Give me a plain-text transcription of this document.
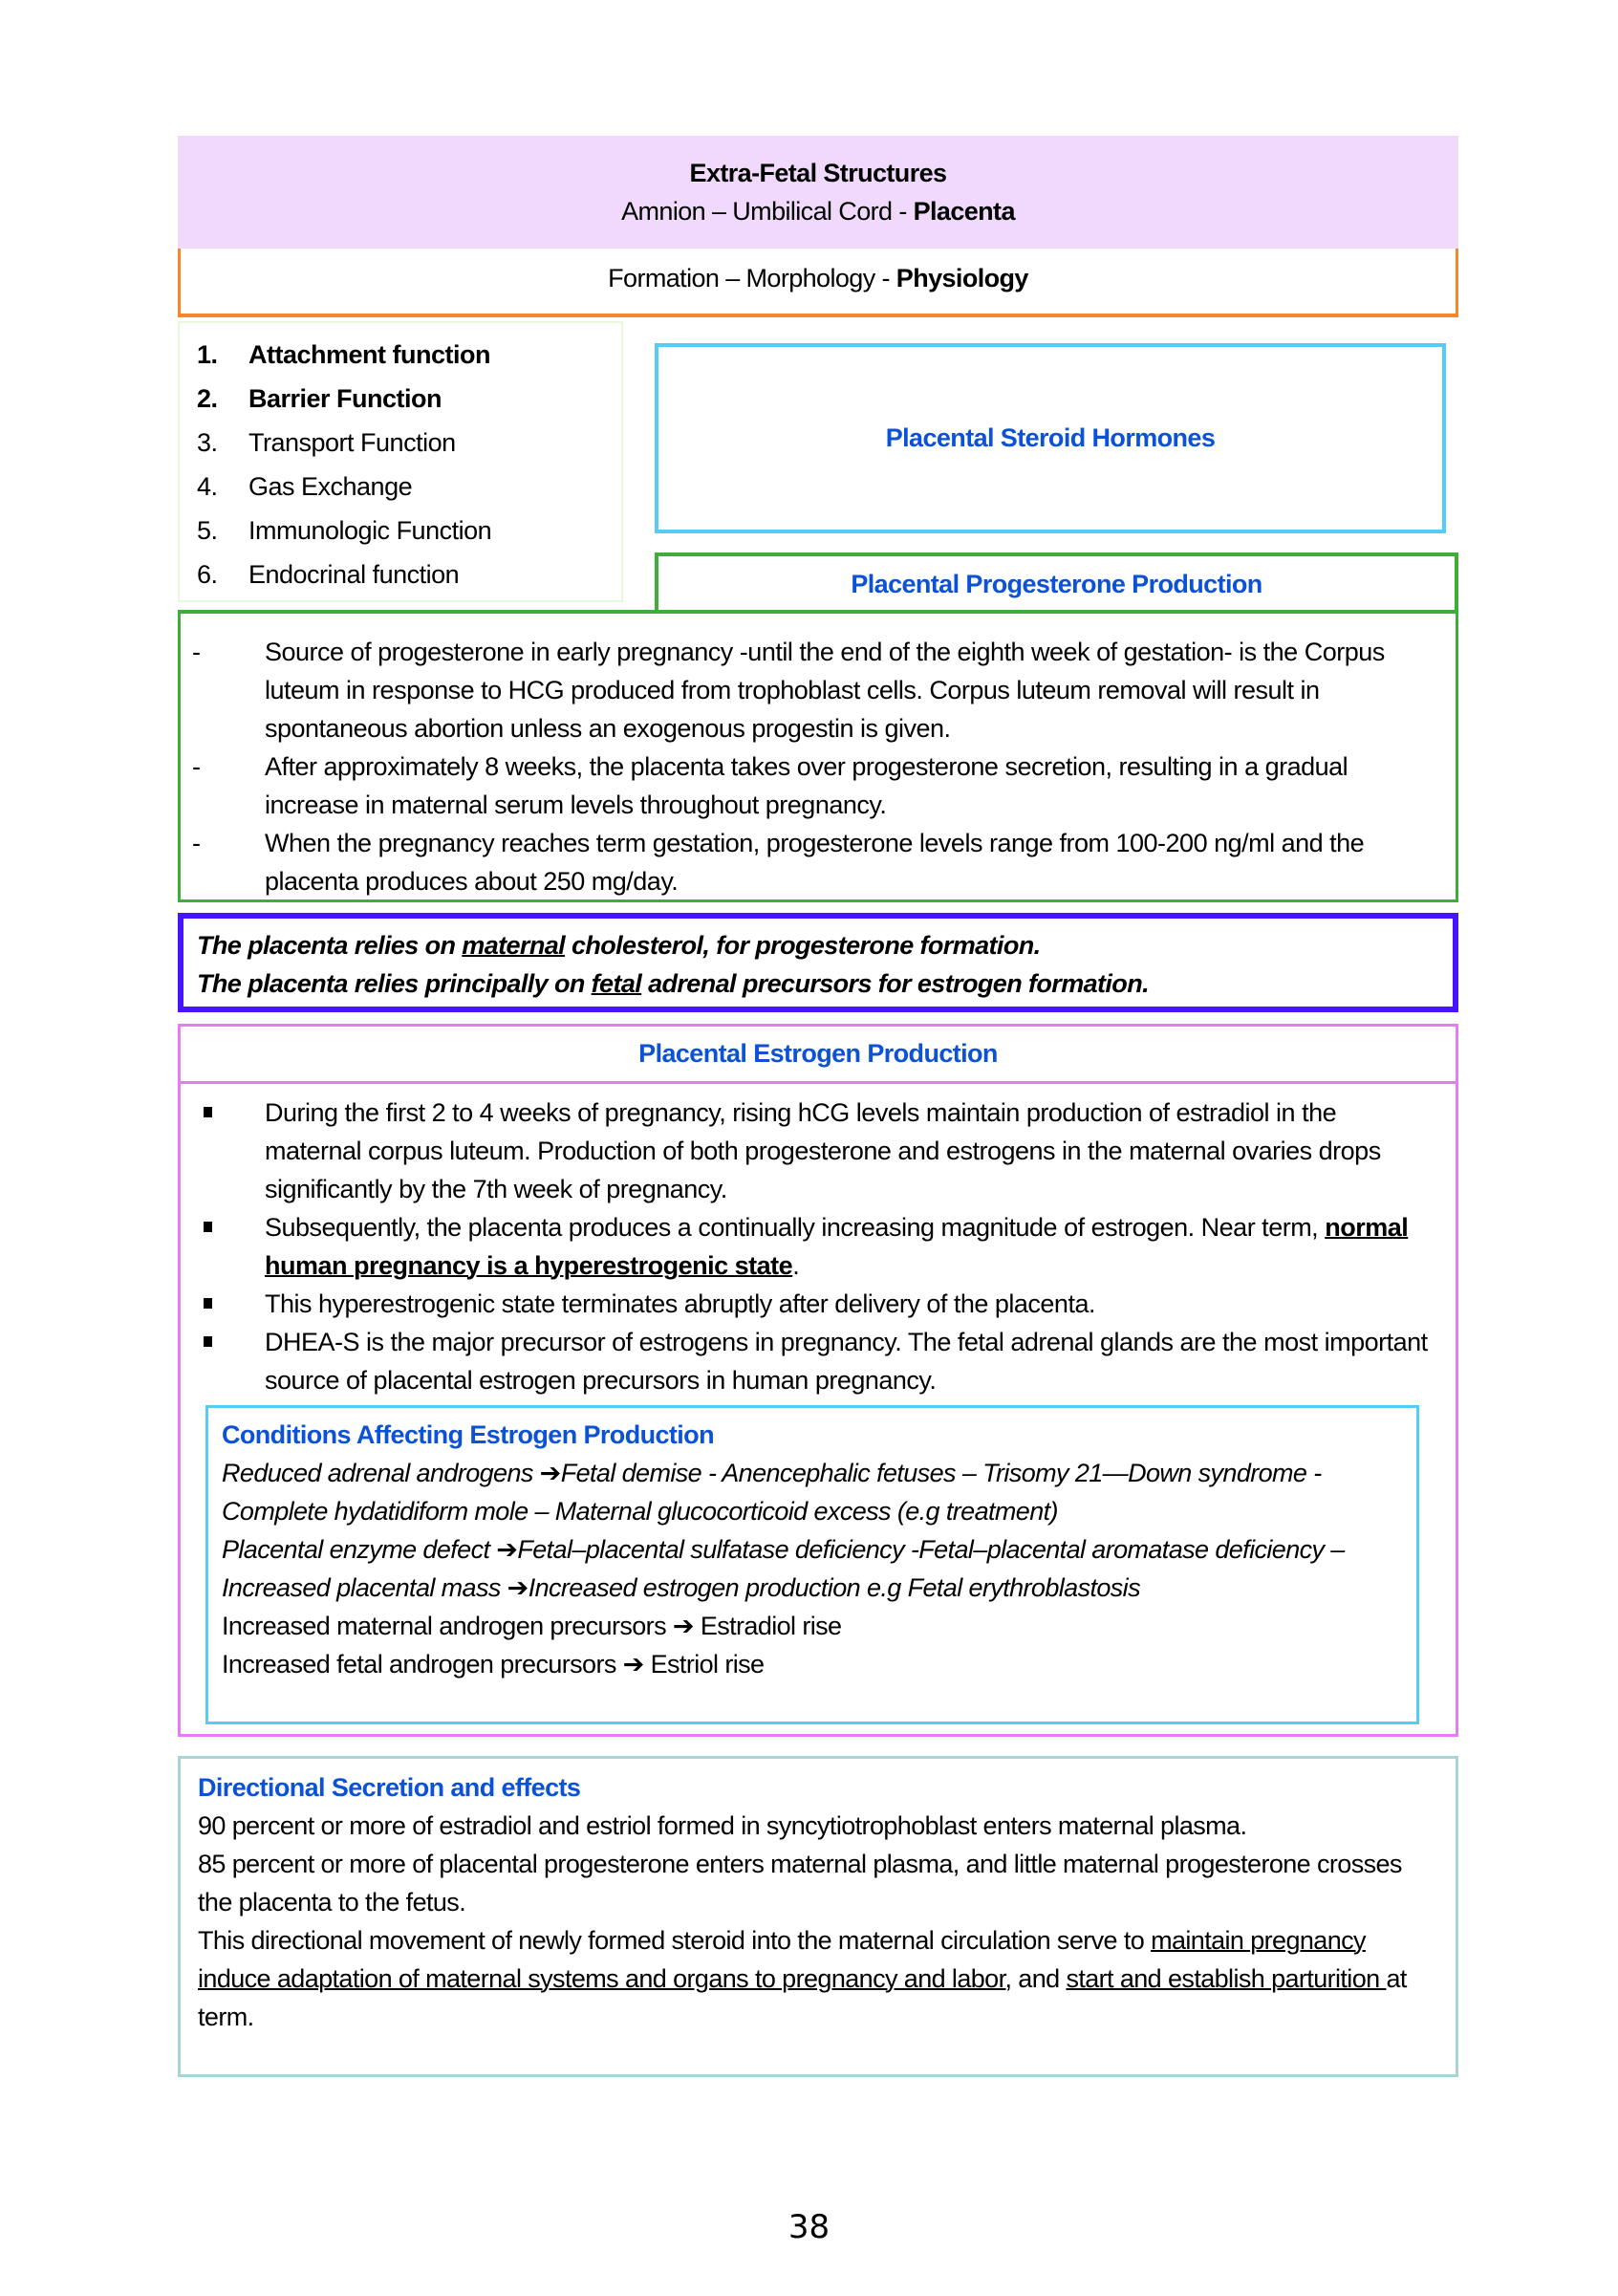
Extra-Fetal Structures
Amnion – Umbilical Cord - Placenta
Formation – Morphology - Physiology
1.	Attachment function
2.	Barrier Function
3.	Transport Function
4.	Gas Exchange
5.	Immunologic Function
6.	Endocrinal function
Placental Steroid Hormones
Placental Progesterone Production
-	Source of progesterone in early pregnancy -until the end of the eighth week of gestation- is the Corpus luteum in response to HCG produced from trophoblast cells. Corpus luteum removal will result in spontaneous abortion unless an exogenous progestin is given.
-	After approximately 8 weeks, the placenta takes over progesterone secretion, resulting in a gradual increase in maternal serum levels throughout pregnancy.
-	When the pregnancy reaches term gestation, progesterone levels range from 100-200 ng/ml and the placenta produces about 250 mg/day.
The placenta relies on maternal cholesterol, for progesterone formation.
The placenta relies principally on fetal adrenal precursors for estrogen formation.
Placental Estrogen Production
During the first 2 to 4 weeks of pregnancy, rising hCG levels maintain production of estradiol in the maternal corpus luteum. Production of both progesterone and estrogens in the maternal ovaries drops significantly by the 7th week of pregnancy.
Subsequently, the placenta produces a continually increasing magnitude of estrogen. Near term, normal human pregnancy is a hyperestrogenic state.
This hyperestrogenic state terminates abruptly after delivery of the placenta.
DHEA-S is the major precursor of estrogens in pregnancy. The fetal adrenal glands are the most important source of placental estrogen precursors in human pregnancy.
Conditions Affecting Estrogen Production
Reduced adrenal androgens ➔Fetal demise - Anencephalic fetuses – Trisomy 21—Down syndrome - Complete hydatidiform mole – Maternal glucocorticoid excess (e.g treatment)
Placental enzyme defect ➔Fetal–placental sulfatase deficiency -Fetal–placental aromatase deficiency –
Increased placental mass ➔Increased estrogen production e.g Fetal erythroblastosis
Increased maternal androgen precursors ➔ Estradiol rise
Increased fetal androgen precursors ➔ Estriol rise
Directional Secretion and effects
90 percent or more of estradiol and estriol formed in syncytiotrophoblast enters maternal plasma.
85 percent or more of placental progesterone enters maternal plasma, and little maternal progesterone crosses the placenta to the fetus.
This directional movement of newly formed steroid into the maternal circulation serve to maintain pregnancy induce adaptation of maternal systems and organs to pregnancy and labor, and start and establish parturition at term.
38
